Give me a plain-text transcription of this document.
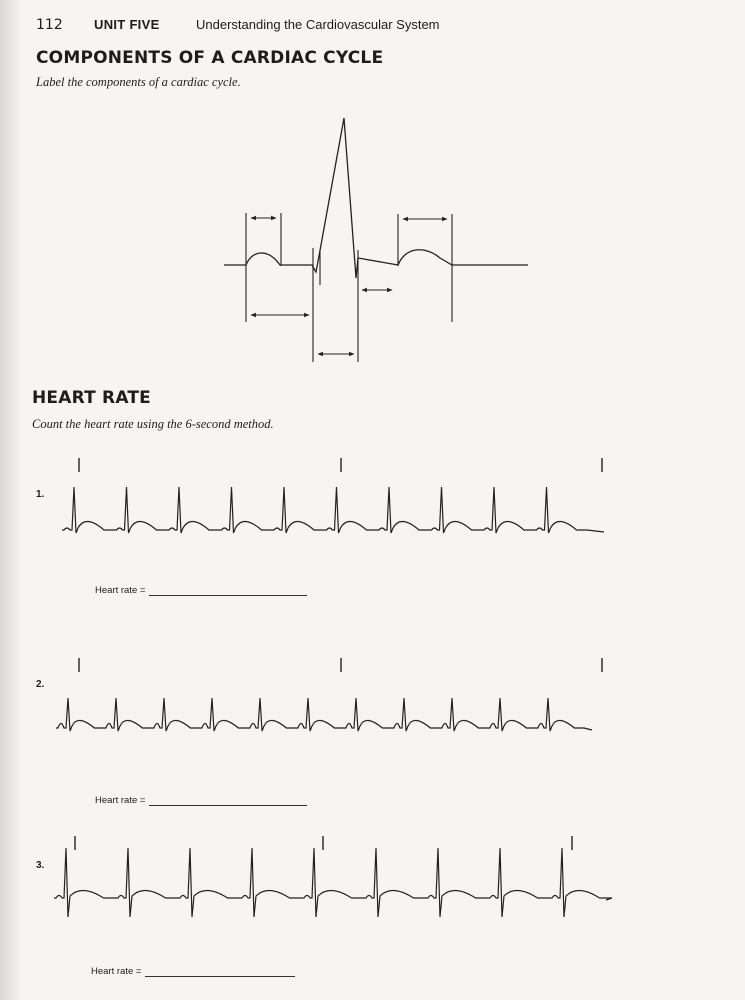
112 UNIT FIVE	Understanding the Cardiovascular System
COMPONENTS OF A CARDIAC CYCLE

Label the components of a cardiac cycle.

HEART RATE

Count the heart rate using the 6-second method.

1.
Heart rate =
2.
Heart rate =
3.
Heart rate =
